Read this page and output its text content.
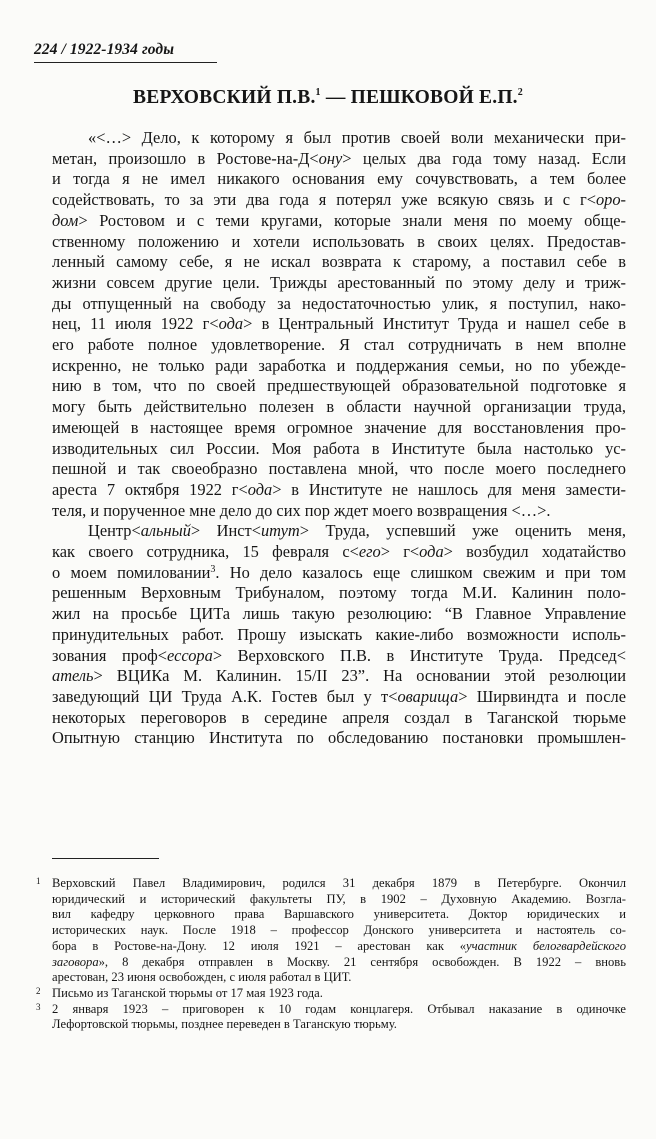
224 / 1922-1934 годы
ВЕРХОВСКИЙ П.В.$^1$ — ПЕШКОВОЙ Е.П.$^2$
«<…> Дело, к которому я был против своей воли механически при-
метан, произошло в Ростове-на-Д<ону> целых два года тому назад. Если
и тогда я не имел никакого основания ему сочувствовать, а тем более
содействовать, то за эти два года я потерял уже всякую связь и с г<оро-
дом> Ростовом и с теми кругами, которые знали меня по моему обще-
ственному положению и хотели использовать в своих целях. Предостав-
ленный самому себе, я не искал возврата к старому, а поставил себе в
жизни совсем другие цели. Трижды арестованный по этому делу и триж-
ды отпущенный на свободу за недостаточностью улик, я поступил, нако-
нец, 11 июля 1922 г<ода> в Центральный Институт Труда и нашел себе в
его работе полное удовлетворение. Я стал сотрудничать в нем вполне
искренно, не только ради заработка и поддержания семьи, но по убежде-
нию в том, что по своей предшествующей образовательной подготовке я
могу быть действительно полезен в области научной организации труда,
имеющей в настоящее время огромное значение для восстановления про-
изводительных сил России. Моя работа в Институте была настолько ус-
пешной и так своеобразно поставлена мной, что после моего последнего
ареста 7 октября 1922 г<ода> в Институте не нашлось для меня замести-
теля, и порученное мне дело до сих пор ждет моего возвращения <…>.
Центр<альный> Инст<итут> Труда, успевший уже оценить меня,
как своего сотрудника, 15 февраля с<его> г<ода> возбудил ходатайство
о моем помиловании$^3$. Но дело казалось еще слишком свежим и при том
решенным Верховным Трибуналом, поэтому тогда М.И. Калинин поло-
жил на просьбе ЦИТа лишь такую резолюцию: “В Главное Управление
принудительных работ. Прошу изыскать какие-либо возможности исполь-
зования проф<ессора> Верховского П.В. в Институте Труда. Председ<
атель> ВЦИКа М. Калинин. 15/II 23”. На основании этой резолюции
заведующий ЦИ Труда А.К. Гостев был у т<оварища> Ширвиндта и после
некоторых переговоров в середине апреля создал в Таганской тюрьме
Опытную станцию Института по обследованию постановки промышлен-
1 Верховский Павел Владимирович, родился 31 декабря 1879 в Петербурге. Окончил
юридический и исторический факультеты ПУ, в 1902 – Духовную Академию. Возгла-
вил кафедру церковного права Варшавского университета. Доктор юридических и
исторических наук. После 1918 – профессор Донского университета и настоятель со-
бора в Ростове-на-Дону. 12 июля 1921 – арестован как «участник белогвардейского
заговора», 8 декабря отправлен в Москву. 21 сентября освобожден. В 1922 – вновь
арестован, 23 июня освобожден, с июля работал в ЦИТ.
2 Письмо из Таганской тюрьмы от 17 мая 1923 года.
3 2 января 1923 – приговорен к 10 годам концлагеря. Отбывал наказание в одиночке
Лефортовской тюрьмы, позднее переведен в Таганскую тюрьму.
